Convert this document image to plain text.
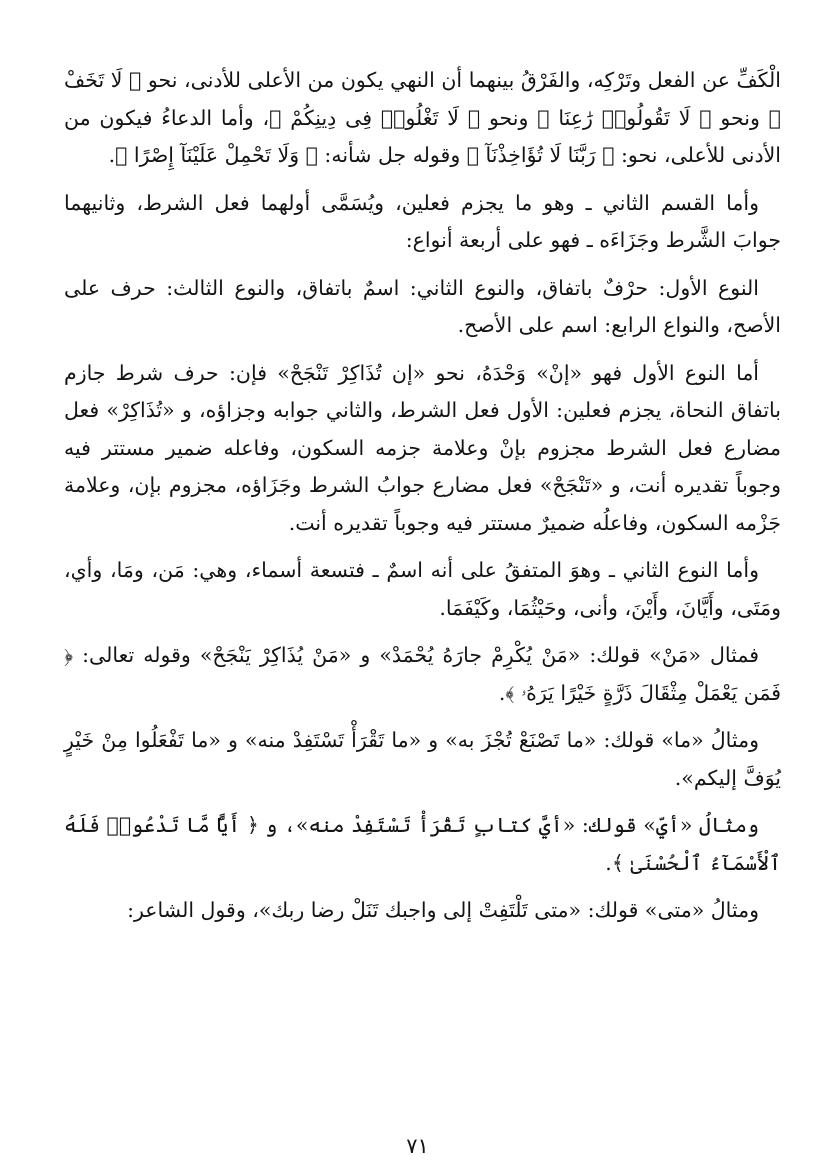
الْكَفِّ عن الفعل وتَرْكِه، والفَرْقُ بينهما أن النهي يكون من الأعلى للأدنى، نحو ﴿ لَا تَخَفْ ﴾ ونحو ﴿ لَا تَقُولُوا۟ رَٰعِنَا ﴾ ونحو ﴿ لَا تَغْلُوا۟ فِى دِينِكُمْ ﴾، وأما الدعاءُ فيكون من الأدنى للأعلى، نحو: ﴿ رَبَّنَا لَا تُؤَاخِذْنَآ ﴾ وقوله جل شأنه: ﴿ وَلَا تَحْمِلْ عَلَيْنَآ إِصْرًا ﴾.

وأما القسم الثاني ـ وهو ما يجزم فعلين، ويُسَمَّى أولهما فعل الشرط، وثانيهما جوابَ الشَّرط وجَزَاءَه ـ فهو على أربعة أنواع:

النوع الأول: حرْفٌ باتفاق، والنوع الثاني: اسمٌ باتفاق، والنوع الثالث: حرف على الأصح، والنواع الرابع: اسم على الأصح.

أما النوع الأول فهو «إنْ» وَحْدَهُ، نحو «إن تُذَاكِرْ تَنْجَحْ» فإن: حرف شرط جازم باتفاق النحاة، يجزم فعلين: الأول فعل الشرط، والثاني جوابه وجزاؤه، و «تُذَاكِرْ» فعل مضارع فعل الشرط مجزوم بإنْ وعلامة جزمه السكون، وفاعله ضمير مستتر فيه وجوباً تقديره أنت، و «تَنْجَحْ» فعل مضارع جوابُ الشرط وجَزَاؤه، مجزوم بإن، وعلامة جَزْمه السكون، وفاعلُه ضميرٌ مستتر فيه وجوباً تقديره أنت.

وأما النوع الثاني ـ وهوَ المتفقُ على أنه اسمٌ ـ فتسعة أسماء، وهي: مَن، ومَا، وأي، ومَتَى، وأَيَّانَ، وأَيْنَ، وأنى، وحَيْثُمَا، وكَيْفَمَا.

فمثال «مَنْ» قولك: «مَنْ يُكْرِمْ جارَهُ يُحْمَدْ» و «مَنْ يُذَاكِرْ يَنْجَحْ» وقوله تعالى: ﴿ فَمَن يَعْمَلْ مِثْقَالَ ذَرَّةٍ خَيْرًا يَرَهُۥ ﴾.

ومثالُ «ما» قولك: «ما تَصْنَعْ تُجْزَ به» و «ما تَقْرَأْ تَسْتَفِدْ منه» و «ما تَفْعَلُوا مِنْ خَيْرٍ يُوَفَّ إليكم».

ومثالُ «أيِّ» قولك: «أيَّ كتابٍ تَقْرَأْ تَسْتَفِدْ منه»، و ﴿ أَيًّا مَّا تَدْعُوا۟ فَلَهُ ٱلْأَسْمَآءُ ٱلْحُسْنَىٰ ﴾.

ومثالُ «متى» قولك: «متى تَلْتَفِتْ إلى واجبك تَنَلْ رضا ربك»، وقول الشاعر:

٧١
